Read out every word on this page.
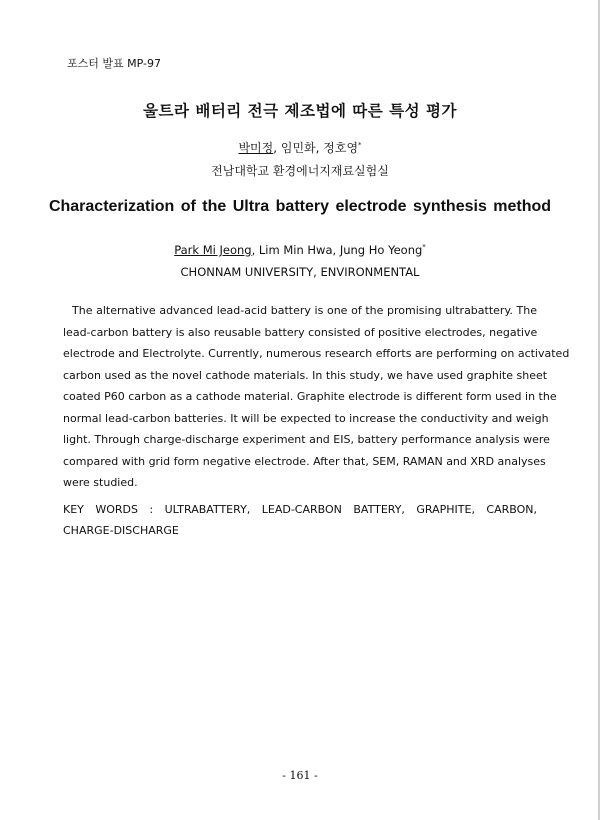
포스터 발표 MP-97
울트라 배터리 전극 제조법에 따른 특성 평가
박미정, 임민화, 정호영*
전남대학교 환경에너지재료실험실
Characterization of the Ultra battery electrode synthesis method
Park Mi Jeong, Lim Min Hwa, Jung Ho Yeong*
CHONNAM UNIVERSITY, ENVIRONMENTAL
The alternative advanced lead-acid battery is one of the promising ultrabattery. The
lead-carbon battery is also reusable battery consisted of positive electrodes, negative
electrode and Electrolyte. Currently, numerous research efforts are performing on activated
carbon used as the novel cathode materials. In this study, we have used graphite sheet
coated P60 carbon as a cathode material. Graphite electrode is different form used in the
normal lead-carbon batteries. It will be expected to increase the conductivity and weigh
light. Through charge-discharge experiment and EIS, battery performance analysis were
compared with grid form negative electrode. After that, SEM, RAMAN and XRD analyses
were studied.
KEY WORDS : ULTRABATTERY, LEAD-CARBON BATTERY, GRAPHITE, CARBON,
CHARGE-DISCHARGE
- 161 -
